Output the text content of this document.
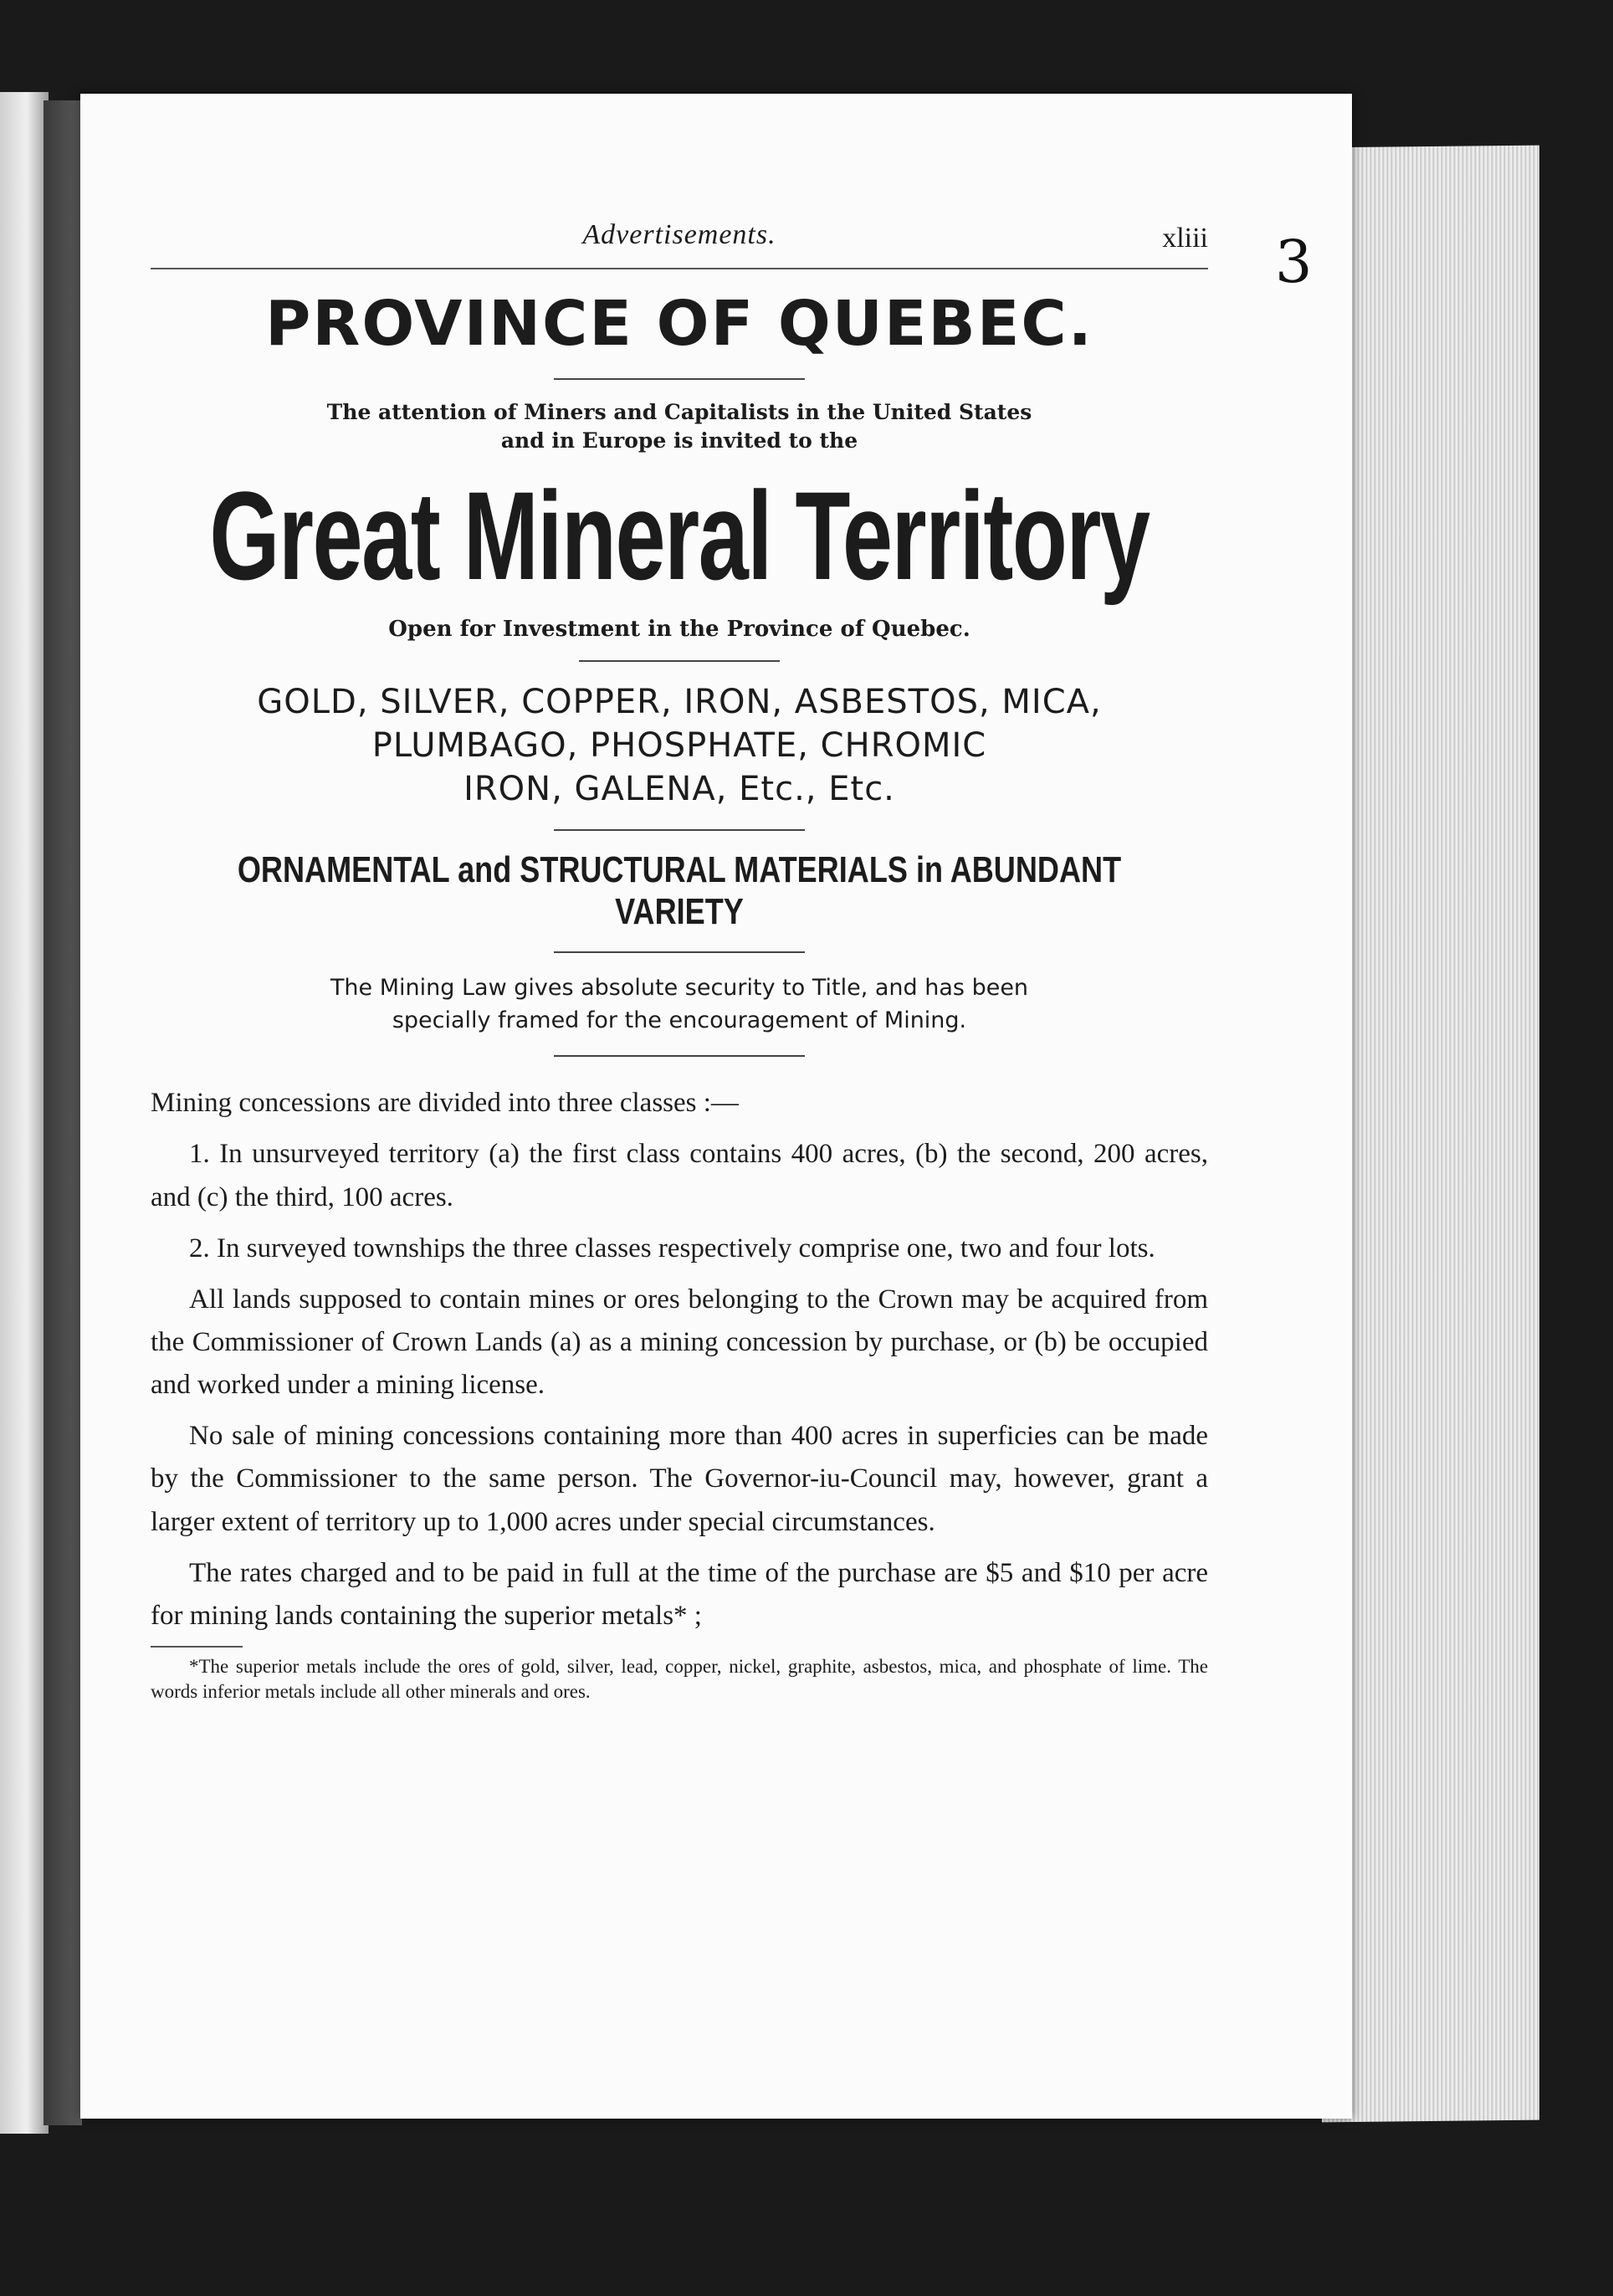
3
Advertisements.	xliii
PROVINCE OF QUEBEC.
The attention of Miners and Capitalists in the United States
and in Europe is invited to the
Great Mineral Territory
Open for Investment in the Province of Quebec.
GOLD, SILVER, COPPER, IRON, ASBESTOS, MICA,
PLUMBAGO, PHOSPHATE, CHROMIC
IRON, GALENA, Etc., Etc.
ORNAMENTAL and STRUCTURAL MATERIALS in ABUNDANT VARIETY
The Mining Law gives absolute security to Title, and has been
specially framed for the encouragement of Mining.

Mining concessions are divided into three classes :—

1. In unsurveyed territory (a) the first class contains 400 acres, (b) the second, 200 acres, and (c) the third, 100 acres.

2. In surveyed townships the three classes respectively comprise one, two and four lots.

All lands supposed to contain mines or ores belonging to the Crown may be acquired from the Commissioner of Crown Lands (a) as a mining concession by purchase, or (b) be occupied and worked under a mining license.

No sale of mining concessions containing more than 400 acres in superficies can be made by the Commissioner to the same person. The Governor-iu-Council may, however, grant a larger extent of territory up to 1,000 acres under special circumstances.

The rates charged and to be paid in full at the time of the purchase are $5 and $10 per acre for mining lands containing the superior metals* ;

*The superior metals include the ores of gold, silver, lead, copper, nickel, graphite, asbestos, mica, and phosphate of lime. The words inferior metals include all other minerals and ores.
